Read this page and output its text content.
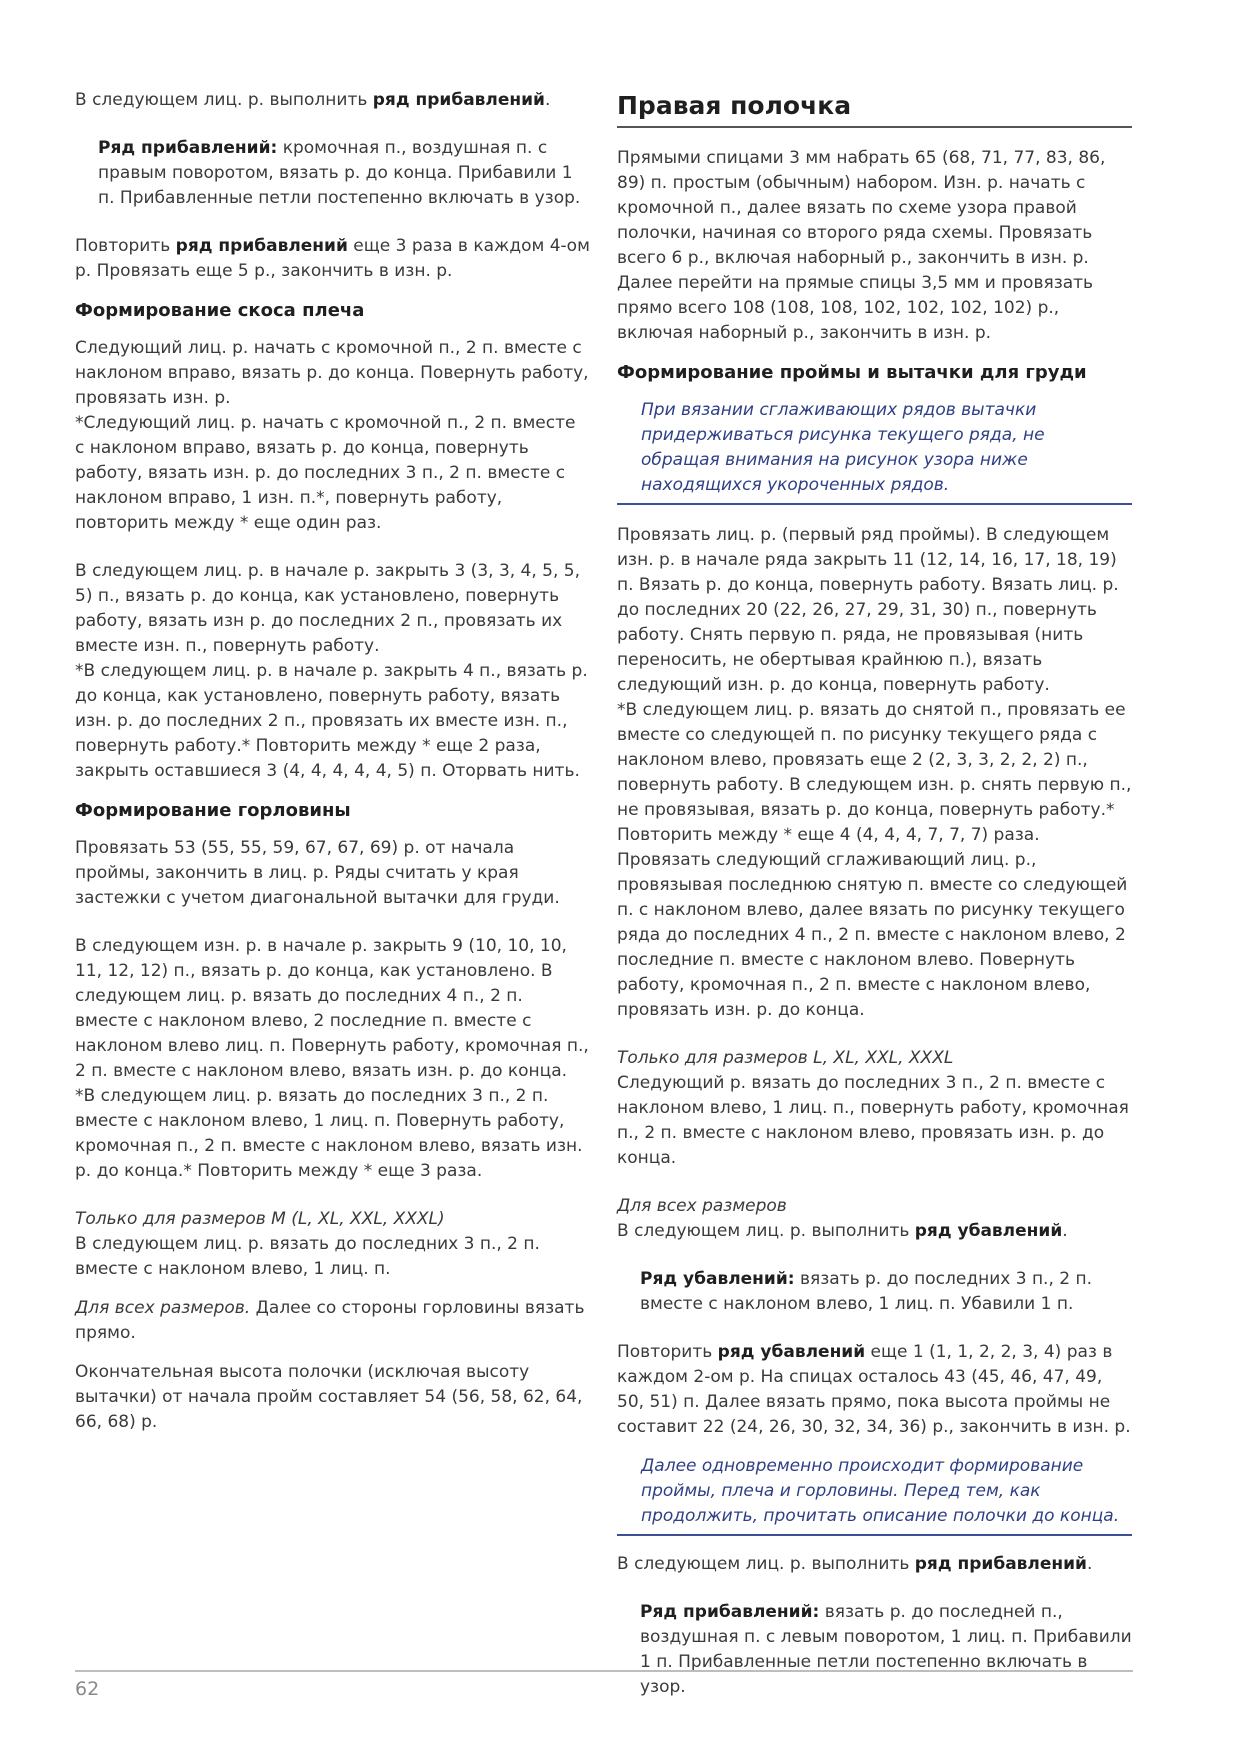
В следующем лиц. р. выполнить ряд прибавлений.

Ряд прибавлений: кромочная п., воздушная п. с правым поворотом, вязать р. до конца. Прибавили 1 п. Прибавленные петли постепенно включать в узор.

Повторить ряд прибавлений еще 3 раза в каждом 4-ом р. Провязать еще 5 р., закончить в изн. р.

Формирование скоса плеча

Следующий лиц. р. начать с кромочной п., 2 п. вместе с наклоном вправо, вязать р. до конца. Повернуть работу, провязать изн. р.

*Следующий лиц. р. начать с кромочной п., 2 п. вместе с наклоном вправо, вязать р. до конца, повернуть работу, вязать изн. р. до последних 3 п., 2 п. вместе с наклоном вправо, 1 изн. п.*, повернуть работу, повторить между * еще один раз.

В следующем лиц. р. в начале р. закрыть 3 (3, 3, 4, 5, 5, 5) п., вязать р. до конца, как установлено, повернуть работу, вязать изн р. до последних 2 п., провязать их вместе изн. п., повернуть работу.

*В следующем лиц. р. в начале р. закрыть 4 п., вязать р. до конца, как установлено, повернуть работу, вязать изн. р. до последних 2 п., провязать их вместе изн. п., повернуть работу.* Повторить между * еще 2 раза, закрыть оставшиеся 3 (4, 4, 4, 4, 4, 5) п. Оторвать нить.

Формирование горловины

Провязать 53 (55, 55, 59, 67, 67, 69) р. от начала проймы, закончить в лиц. р. Ряды считать у края застежки с учетом диагональной вытачки для груди.

В следующем изн. р. в начале р. закрыть 9 (10, 10, 10, 11, 12, 12) п., вязать р. до конца, как установлено. В следующем лиц. р. вязать до последних 4 п., 2 п. вместе с наклоном влево, 2 последние п. вместе с наклоном влево лиц. п. Повернуть работу, кромочная п., 2 п. вместе с наклоном влево, вязать изн. р. до конца. *В следующем лиц. р. вязать до последних 3 п., 2 п. вместе с наклоном влево, 1 лиц. п. Повернуть работу, кромочная п., 2 п. вместе с наклоном влево, вязать изн. р. до конца.* Повторить между * еще 3 раза.

Только для размеров M (L, XL, XXL, XXXL)

В следующем лиц. р. вязать до последних 3 п., 2 п. вместе с наклоном влево, 1 лиц. п.

Для всех размеров. Далее со стороны горловины вязать прямо.

Окончательная высота полочки (исключая высоту вытачки) от начала пройм составляет 54 (56, 58, 62, 64, 66, 68) р.

Правая полочка

Прямыми спицами 3 мм набрать 65 (68, 71, 77, 83, 86, 89) п. простым (обычным) набором. Изн. р. начать с кромочной п., далее вязать по схеме узора правой полочки, начиная со второго ряда схемы. Провязать всего 6 р., включая наборный р., закончить в изн. р. Далее перейти на прямые спицы 3,5 мм и провязать прямо всего 108 (108, 108, 102, 102, 102, 102) р., включая наборный р., закончить в изн. р.

Формирование проймы и вытачки для груди

При вязании сглаживающих рядов вытачки придерживаться рисунка текущего ряда, не обращая внимания на рисунок узора ниже находящихся укороченных рядов.

Провязать лиц. р. (первый ряд проймы). В следующем изн. р. в начале ряда закрыть 11 (12, 14, 16, 17, 18, 19) п. Вязать р. до конца, повернуть работу. Вязать лиц. р. до последних 20 (22, 26, 27, 29, 31, 30) п., повернуть работу. Снять первую п. ряда, не провязывая (нить переносить, не обертывая крайнюю п.), вязать следующий изн. р. до конца, повернуть работу.

*В следующем лиц. р. вязать до снятой п., провязать ее вместе со следующей п. по рисунку текущего ряда с наклоном влево, провязать еще 2 (2, 3, 3, 2, 2, 2) п., повернуть работу. В следующем изн. р. снять первую п., не провязывая, вязать р. до конца, повернуть работу.* Повторить между * еще 4 (4, 4, 4, 7, 7, 7) раза. Провязать следующий сглаживающий лиц. р., провязывая последнюю снятую п. вместе со следующей п. с наклоном влево, далее вязать по рисунку текущего ряда до последних 4 п., 2 п. вместе с наклоном влево, 2 последние п. вместе с наклоном влево. Повернуть работу, кромочная п., 2 п. вместе с наклоном влево, провязать изн. р. до конца.

Только для размеров L, XL, XXL, XXXL

Следующий р. вязать до последних 3 п., 2 п. вместе с наклоном влево, 1 лиц. п., повернуть работу, кромочная п., 2 п. вместе с наклоном влево, провязать изн. р. до конца.

Для всех размеров

В следующем лиц. р. выполнить ряд убавлений.

Ряд убавлений: вязать р. до последних 3 п., 2 п. вместе с наклоном влево, 1 лиц. п. Убавили 1 п.

Повторить ряд убавлений еще 1 (1, 1, 2, 2, 3, 4) раз в каждом 2-ом р. На спицах осталось 43 (45, 46, 47, 49, 50, 51) п. Далее вязать прямо, пока высота проймы не составит 22 (24, 26, 30, 32, 34, 36) р., закончить в изн. р.

Далее одновременно происходит формирование проймы, плеча и горловины. Перед тем, как продолжить, прочитать описание полочки до конца.

В следующем лиц. р. выполнить ряд прибавлений.

Ряд прибавлений: вязать р. до последней п., воздушная п. с левым поворотом, 1 лиц. п. Прибавили 1 п. Прибавленные петли постепенно включать в узор.

62
